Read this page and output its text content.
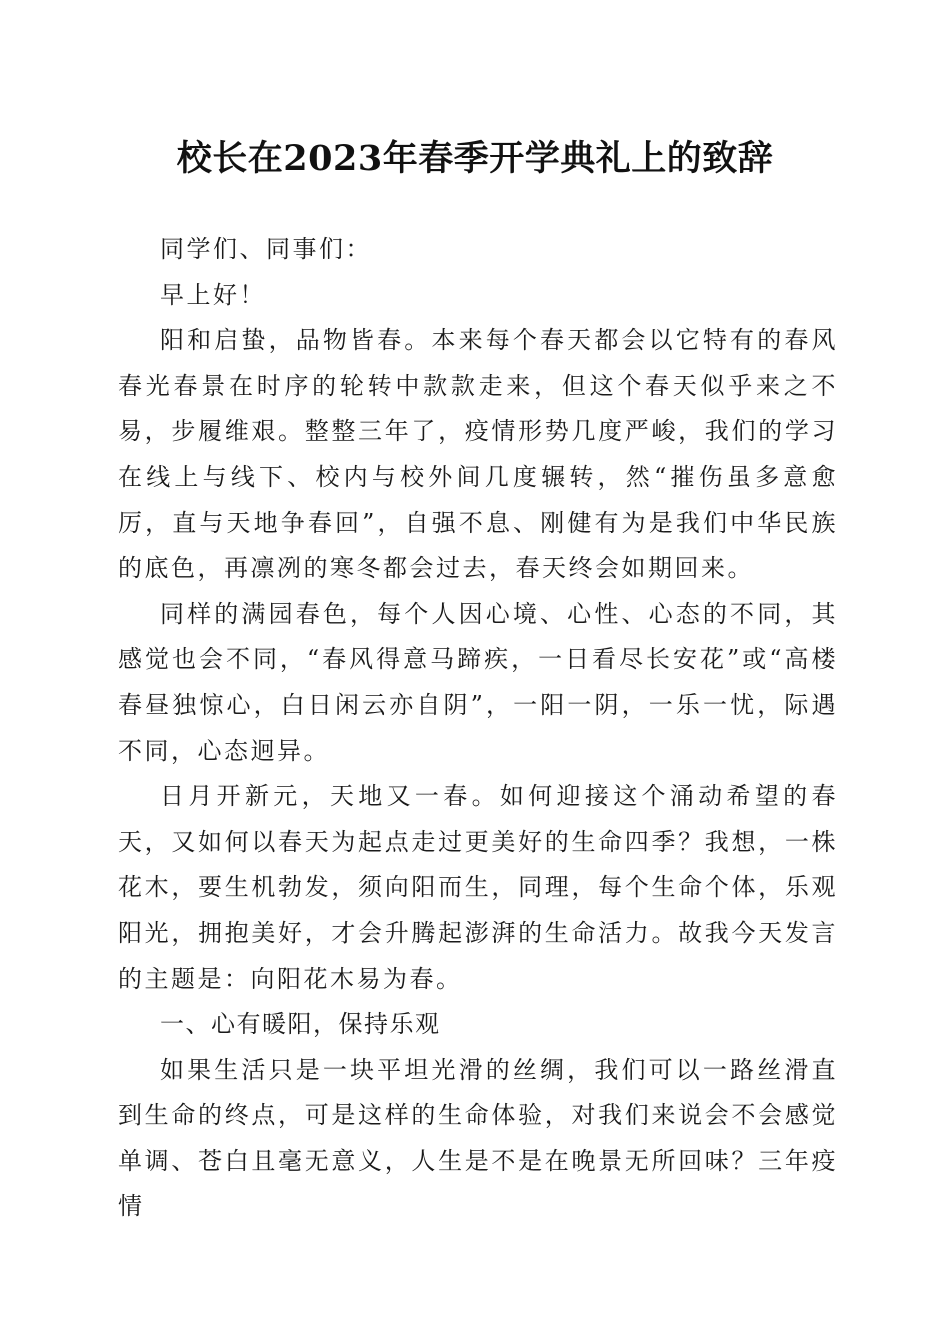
校长在2023年春季开学典礼上的致辞

同学们、同事们：

早上好！

阳和启蛰，品物皆春。本来每个春天都会以它特有的春风春光春景在时序的轮转中款款走来，但这个春天似乎来之不易，步履维艰。整整三年了，疫情形势几度严峻，我们的学习在线上与线下、校内与校外间几度辗转，然“摧伤虽多意愈厉，直与天地争春回”，自强不息、刚健有为是我们中华民族的底色，再凛冽的寒冬都会过去，春天终会如期回来。

同样的满园春色，每个人因心境、心性、心态的不同，其感觉也会不同，“春风得意马蹄疾，一日看尽长安花”或“高楼春昼独惊心，白日闲云亦自阴”，一阳一阴，一乐一忧，际遇不同，心态迥异。

日月开新元，天地又一春。如何迎接这个涌动希望的春天，又如何以春天为起点走过更美好的生命四季？我想，一株花木，要生机勃发，须向阳而生，同理，每个生命个体，乐观阳光，拥抱美好，才会升腾起澎湃的生命活力。故我今天发言的主题是：向阳花木易为春。

一、心有暖阳，保持乐观

如果生活只是一块平坦光滑的丝绸，我们可以一路丝滑直到生命的终点，可是这样的生命体验，对我们来说会不会感觉单调、苍白且毫无意义，人生是不是在晚景无所回味？三年疫情
